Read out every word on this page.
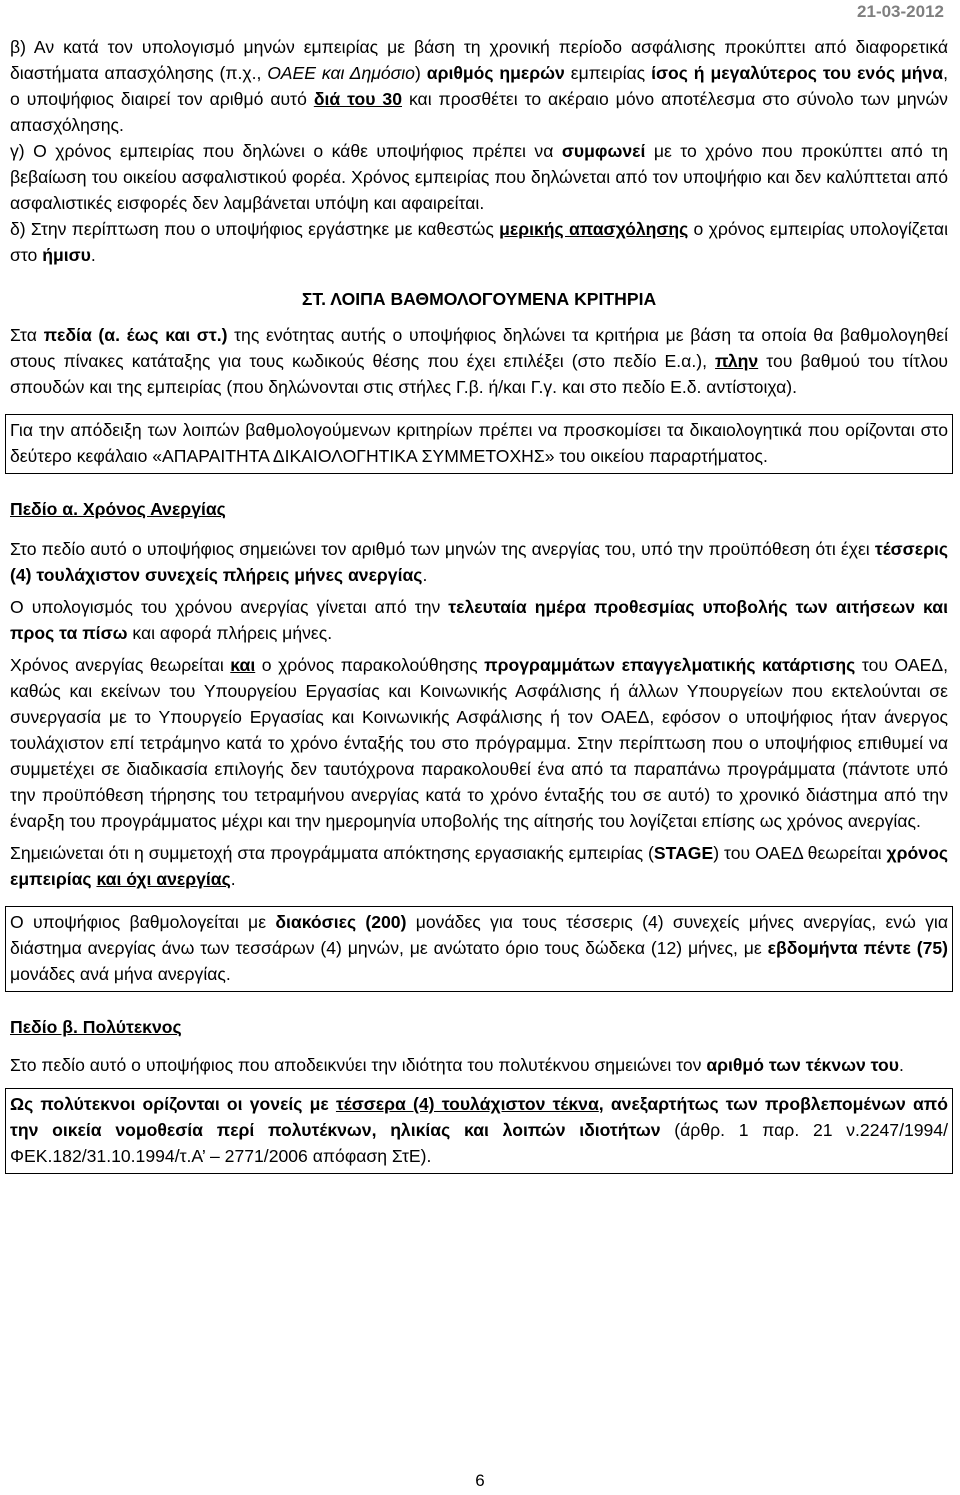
21-03-2012

β) Αν κατά τον υπολογισμό μηνών εμπειρίας με βάση τη χρονική περίοδο ασφάλισης προκύπτει από διαφορετικά διαστήματα απασχόλησης (π.χ., ΟΑΕΕ και Δημόσιο) αριθμός ημερών εμπειρίας ίσος ή μεγαλύτερος του ενός μήνα, ο υποψήφιος διαιρεί τον αριθμό αυτό διά του 30 και προσθέτει το ακέραιο μόνο αποτέλεσμα στο σύνολο των μηνών απασχόλησης.

γ) Ο χρόνος εμπειρίας που δηλώνει ο κάθε υποψήφιος πρέπει να συμφωνεί με το χρόνο που προκύπτει από τη βεβαίωση του οικείου ασφαλιστικού φορέα. Χρόνος εμπειρίας που δηλώνεται από τον υποψήφιο και δεν καλύπτεται από ασφαλιστικές εισφορές δεν λαμβάνεται υπόψη και αφαιρείται.

δ) Στην περίπτωση που ο υποψήφιος εργάστηκε με καθεστώς μερικής απασχόλησης ο χρόνος εμπειρίας υπολογίζεται στο ήμισυ.

ΣΤ. ΛΟΙΠΑ ΒΑΘΜΟΛΟΓΟΥΜΕΝΑ ΚΡΙΤΗΡΙΑ

Στα πεδία (α. έως και στ.) της ενότητας αυτής ο υποψήφιος δηλώνει τα κριτήρια με βάση τα οποία θα βαθμολογηθεί στους πίνακες κατάταξης για τους κωδικούς θέσης που έχει επιλέξει (στο πεδίο Ε.α.), πλην του βαθμού του τίτλου σπουδών και της εμπειρίας (που δηλώνονται στις στήλες Γ.β. ή/και Γ.γ. και στο πεδίο Ε.δ. αντίστοιχα).

Για την απόδειξη των λοιπών βαθμολογούμενων κριτηρίων πρέπει να προσκομίσει τα δικαιολογητικά που ορίζονται στο δεύτερο κεφάλαιο «ΑΠΑΡΑΙΤΗΤΑ ΔΙΚΑΙΟΛΟΓΗΤΙΚΑ ΣΥΜΜΕΤΟΧΗΣ» του οικείου παραρτήματος.

Πεδίο α. Χρόνος Ανεργίας

Στο πεδίο αυτό ο υποψήφιος σημειώνει τον αριθμό των μηνών της ανεργίας του, υπό την προϋπόθεση ότι έχει τέσσερις (4) τουλάχιστον συνεχείς πλήρεις μήνες ανεργίας.

Ο υπολογισμός του χρόνου ανεργίας γίνεται από την τελευταία ημέρα προθεσμίας υποβολής των αιτήσεων και προς τα πίσω και αφορά πλήρεις μήνες.

Χρόνος ανεργίας θεωρείται και ο χρόνος παρακολούθησης προγραμμάτων επαγγελματικής κατάρτισης του ΟΑΕΔ, καθώς και εκείνων του Υπουργείου Εργασίας και Κοινωνικής Ασφάλισης ή άλλων Υπουργείων που εκτελούνται σε συνεργασία με το Υπουργείο Εργασίας και Κοινωνικής Ασφάλισης ή τον ΟΑΕΔ, εφόσον ο υποψήφιος ήταν άνεργος τουλάχιστον επί τετράμηνο κατά το χρόνο ένταξής του στο πρόγραμμα. Στην περίπτωση που ο υποψήφιος επιθυμεί να συμμετέχει σε διαδικασία επιλογής δεν ταυτόχρονα παρακολουθεί ένα από τα παραπάνω προγράμματα (πάντοτε υπό την προϋπόθεση τήρησης του τετραμήνου ανεργίας κατά το χρόνο ένταξής του σε αυτό) το χρονικό διάστημα από την έναρξη του προγράμματος μέχρι και την ημερομηνία υποβολής της αίτησής του λογίζεται επίσης ως χρόνος ανεργίας.

Σημειώνεται ότι η συμμετοχή στα προγράμματα απόκτησης εργασιακής εμπειρίας (STAGE) του ΟΑΕΔ θεωρείται χρόνος εμπειρίας και όχι ανεργίας.

Ο υποψήφιος βαθμολογείται με διακόσιες (200) μονάδες για τους τέσσερις (4) συνεχείς μήνες ανεργίας, ενώ για διάστημα ανεργίας άνω των τεσσάρων (4) μηνών, με ανώτατο όριο τους δώδεκα (12) μήνες, με εβδομήντα πέντε (75) μονάδες ανά μήνα ανεργίας.

Πεδίο β. Πολύτεκνος

Στο πεδίο αυτό ο υποψήφιος που αποδεικνύει την ιδιότητα του πολυτέκνου σημειώνει τον αριθμό των τέκνων του.

Ως πολύτεκνοι ορίζονται οι γονείς με τέσσερα (4) τουλάχιστον τέκνα, ανεξαρτήτως των προβλεπομένων από την οικεία νομοθεσία περί πολυτέκνων, ηλικίας και λοιπών ιδιοτήτων (άρθρ. 1 παρ. 21 ν.2247/1994/ΦΕΚ.182/31.10.1994/τ.Α’ – 2771/2006 απόφαση ΣτΕ).

6
